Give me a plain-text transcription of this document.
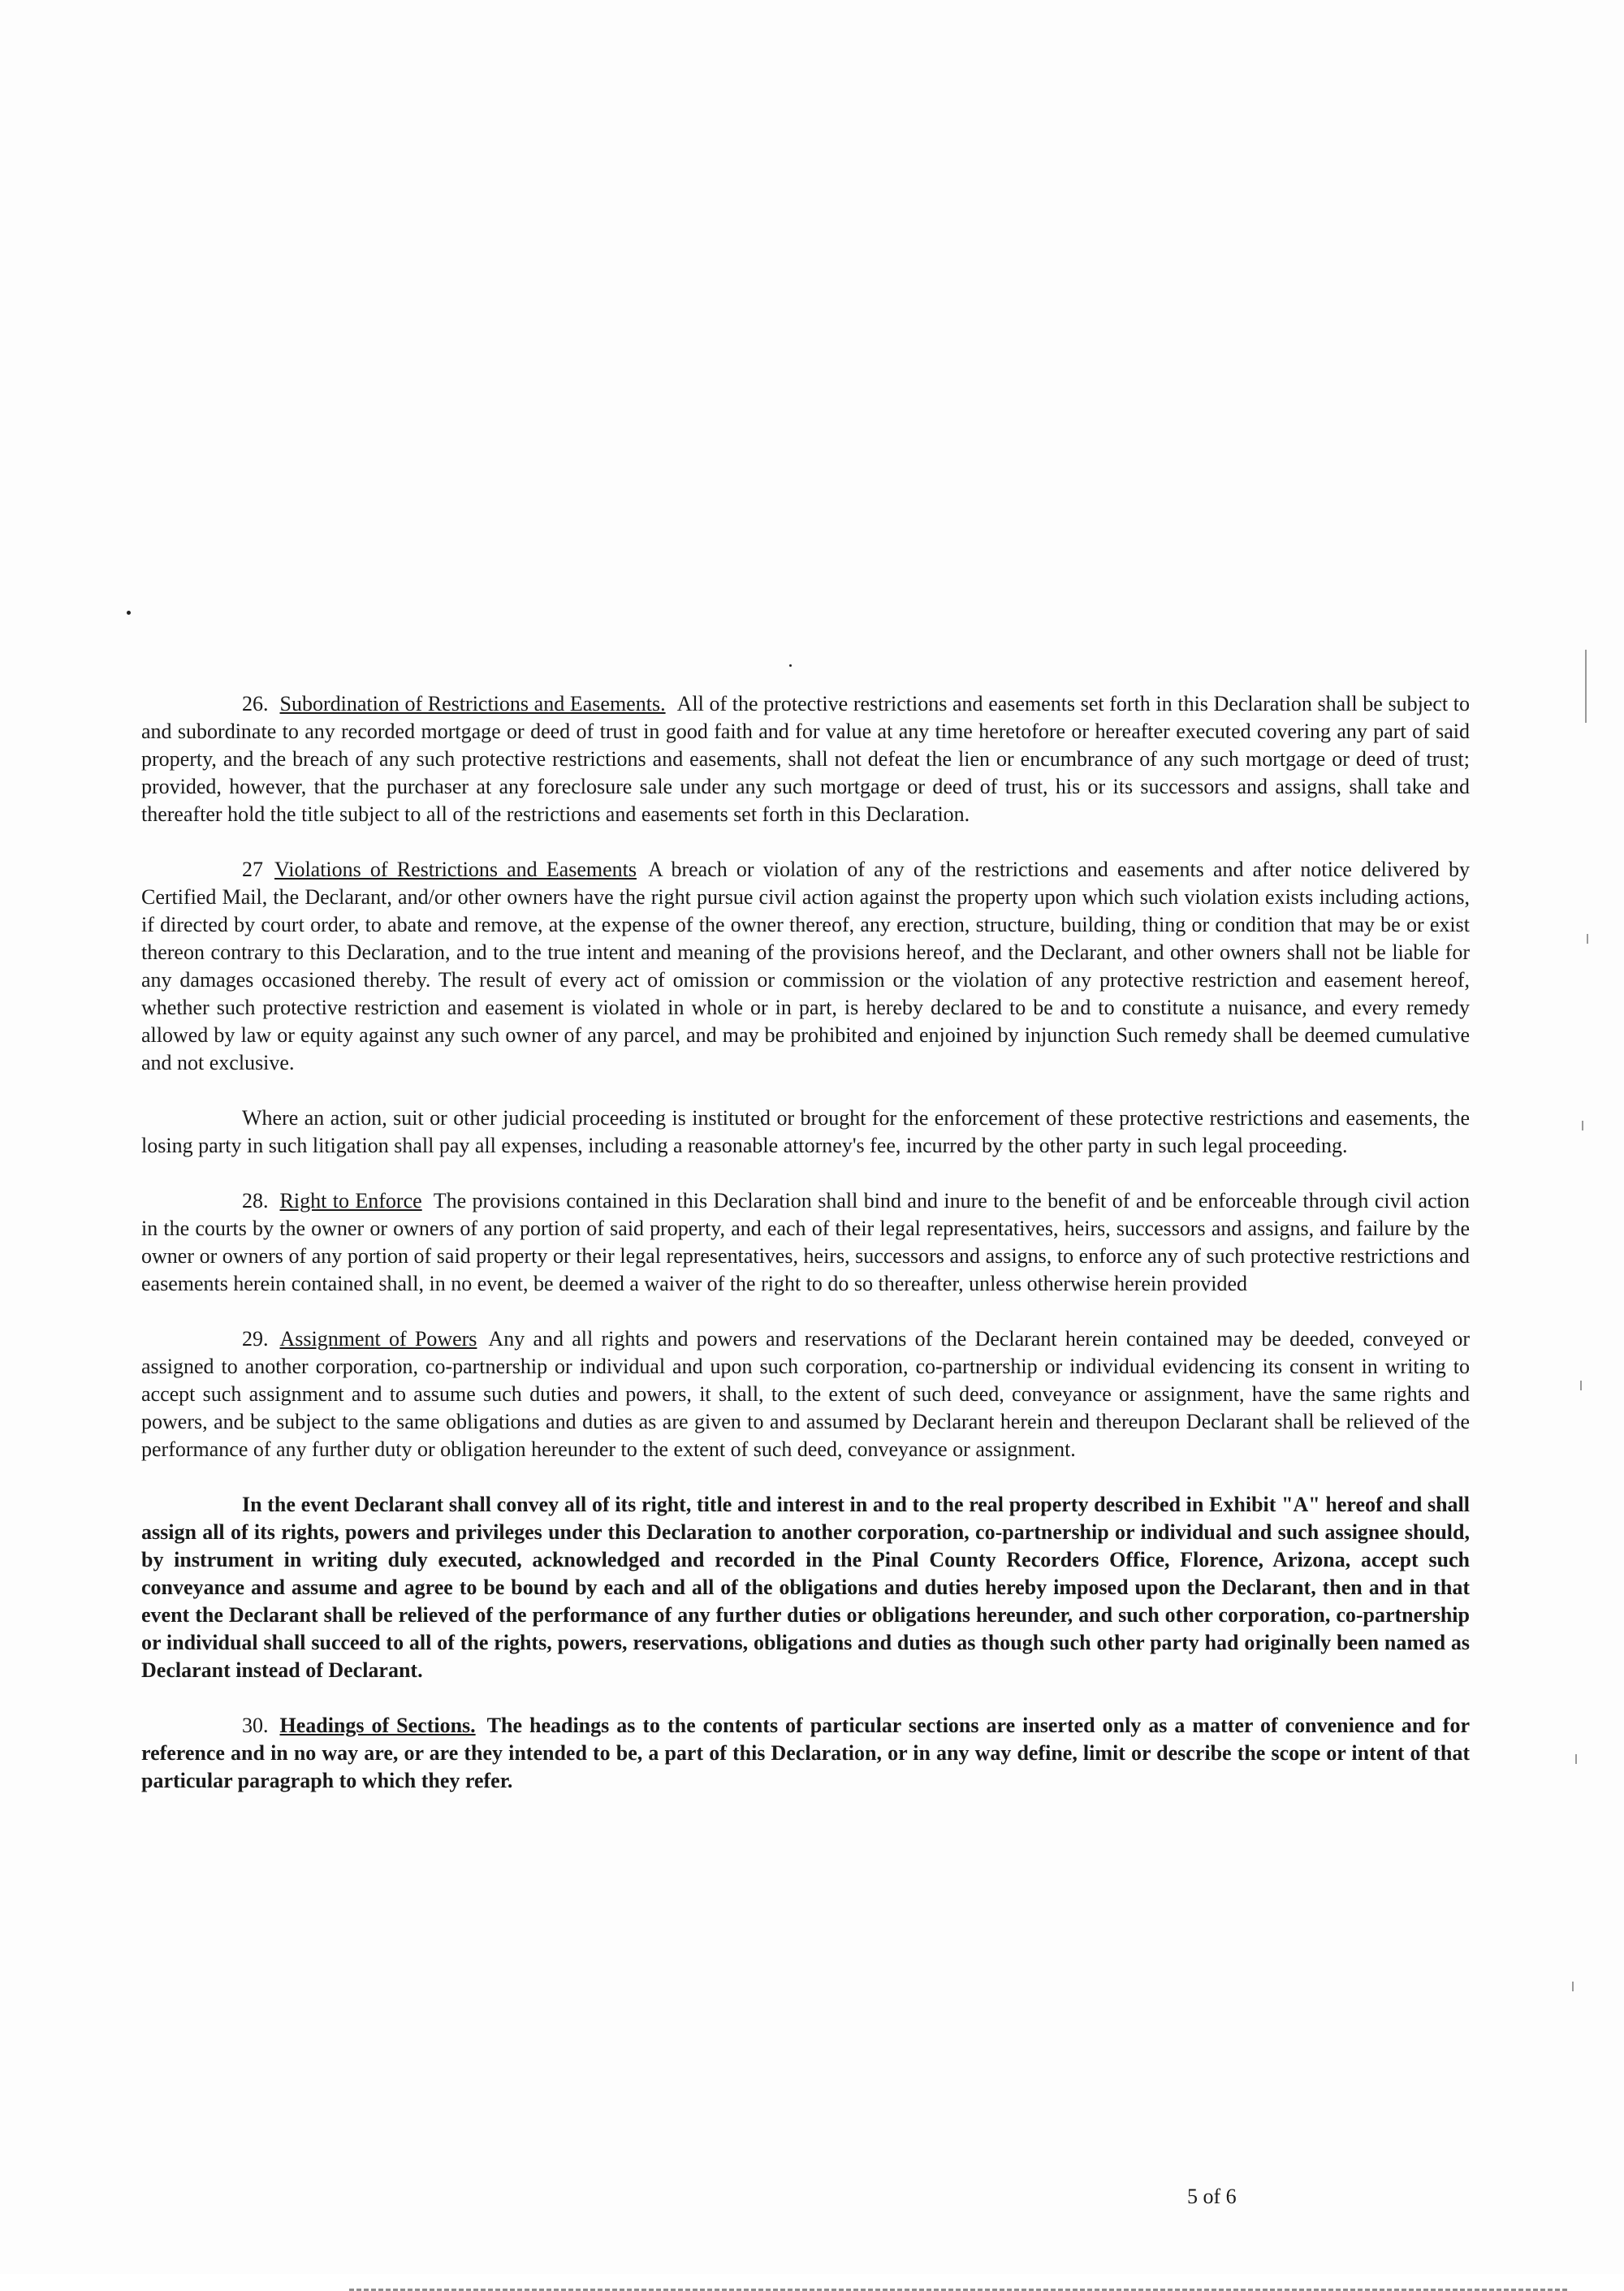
26. Subordination of Restrictions and Easements. All of the protective restrictions and easements set forth in this Declaration shall be subject to and subordinate to any recorded mortgage or deed of trust in good faith and for value at any time heretofore or hereafter executed covering any part of said property, and the breach of any such protective restrictions and easements, shall not defeat the lien or encumbrance of any such mortgage or deed of trust; provided, however, that the purchaser at any foreclosure sale under any such mortgage or deed of trust, his or its successors and assigns, shall take and thereafter hold the title subject to all of the restrictions and easements set forth in this Declaration.

27 Violations of Restrictions and Easements A breach or violation of any of the restrictions and easements and after notice delivered by Certified Mail, the Declarant, and/or other owners have the right pursue civil action against the property upon which such violation exists including actions, if directed by court order, to abate and remove, at the expense of the owner thereof, any erection, structure, building, thing or condition that may be or exist thereon contrary to this Declaration, and to the true intent and meaning of the provisions hereof, and the Declarant, and other owners shall not be liable for any damages occasioned thereby. The result of every act of omission or commission or the violation of any protective restriction and easement hereof, whether such protective restriction and easement is violated in whole or in part, is hereby declared to be and to constitute a nuisance, and every remedy allowed by law or equity against any such owner of any parcel, and may be prohibited and enjoined by injunction Such remedy shall be deemed cumulative and not exclusive.

Where an action, suit or other judicial proceeding is instituted or brought for the enforcement of these protective restrictions and easements, the losing party in such litigation shall pay all expenses, including a reasonable attorney's fee, incurred by the other party in such legal proceeding.

28. Right to Enforce The provisions contained in this Declaration shall bind and inure to the benefit of and be enforceable through civil action in the courts by the owner or owners of any portion of said property, and each of their legal representatives, heirs, successors and assigns, and failure by the owner or owners of any portion of said property or their legal representatives, heirs, successors and assigns, to enforce any of such protective restrictions and easements herein contained shall, in no event, be deemed a waiver of the right to do so thereafter, unless otherwise herein provided

29. Assignment of Powers Any and all rights and powers and reservations of the Declarant herein contained may be deeded, conveyed or assigned to another corporation, co-partnership or individual and upon such corporation, co-partnership or individual evidencing its consent in writing to accept such assignment and to assume such duties and powers, it shall, to the extent of such deed, conveyance or assignment, have the same rights and powers, and be subject to the same obligations and duties as are given to and assumed by Declarant herein and thereupon Declarant shall be relieved of the performance of any further duty or obligation hereunder to the extent of such deed, conveyance or assignment.

In the event Declarant shall convey all of its right, title and interest in and to the real property described in Exhibit "A" hereof and shall assign all of its rights, powers and privileges under this Declaration to another corporation, co-partnership or individual and such assignee should, by instrument in writing duly executed, acknowledged and recorded in the Pinal County Recorders Office, Florence, Arizona, accept such conveyance and assume and agree to be bound by each and all of the obligations and duties hereby imposed upon the Declarant, then and in that event the Declarant shall be relieved of the performance of any further duties or obligations hereunder, and such other corporation, co-partnership or individual shall succeed to all of the rights, powers, reservations, obligations and duties as though such other party had originally been named as Declarant instead of Declarant.

30. Headings of Sections. The headings as to the contents of particular sections are inserted only as a matter of convenience and for reference and in no way are, or are they intended to be, a part of this Declaration, or in any way define, limit or describe the scope or intent of that particular paragraph to which they refer.

5 of 6
